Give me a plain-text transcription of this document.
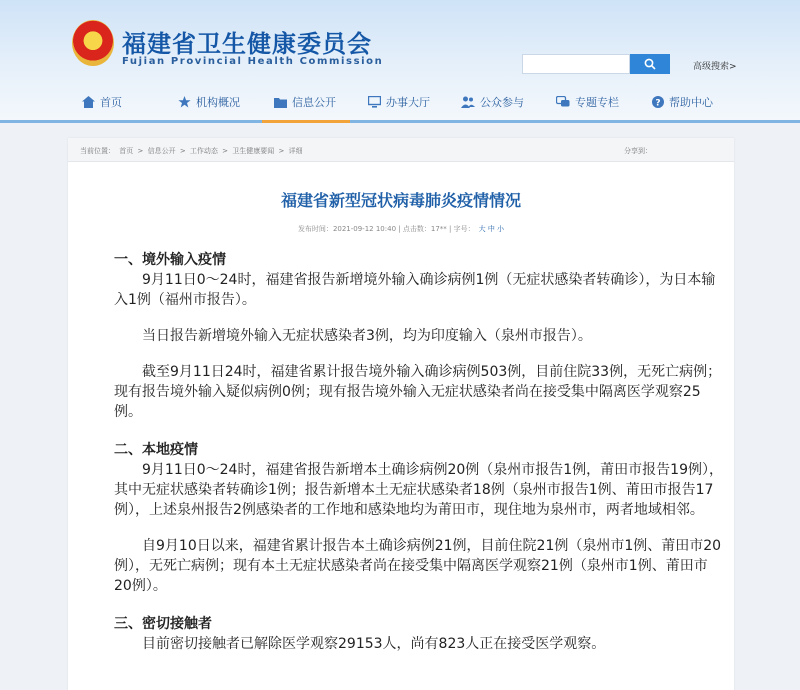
福建省卫生健康委员会
Fujian Provincial Health Commission	高级搜索>
首页	机构概况	信息公开	办事大厅	公众参与	专题专栏	? 帮助中心
当前位置： 首页 > 信息公开 > 工作动态 > 卫生健康要闻 > 详细	分享到：
福建省新型冠状病毒肺炎疫情情况
发布时间：2021-09-12 10:40 | 点击数：17** | 字号： 大 中 小
一、境外输入疫情

9月11日0～24时，福建省报告新增境外输入确诊病例1例（无症状感染者转确诊），为日本输入1例（福州市报告）。

当日报告新增境外输入无症状感染者3例，均为印度输入（泉州市报告）。

截至9月11日24时，福建省累计报告境外输入确诊病例503例，目前住院33例，无死亡病例；现有报告境外输入疑似病例0例；现有报告境外输入无症状感染者尚在接受集中隔离医学观察25例。

二、本地疫情

9月11日0～24时，福建省报告新增本土确诊病例20例（泉州市报告1例，莆田市报告19例），其中无症状感染者转确诊1例；报告新增本土无症状感染者18例（泉州市报告1例、莆田市报告17例），上述泉州报告2例感染者的工作地和感染地均为莆田市，现住地为泉州市，两者地域相邻。

自9月10日以来，福建省累计报告本土确诊病例21例，目前住院21例（泉州市1例、莆田市20例），无死亡病例；现有本土无症状感染者尚在接受集中隔离医学观察21例（泉州市1例、莆田市20例）。

三、密切接触者

目前密切接触者已解除医学观察29153人，尚有823人正在接受医学观察。
